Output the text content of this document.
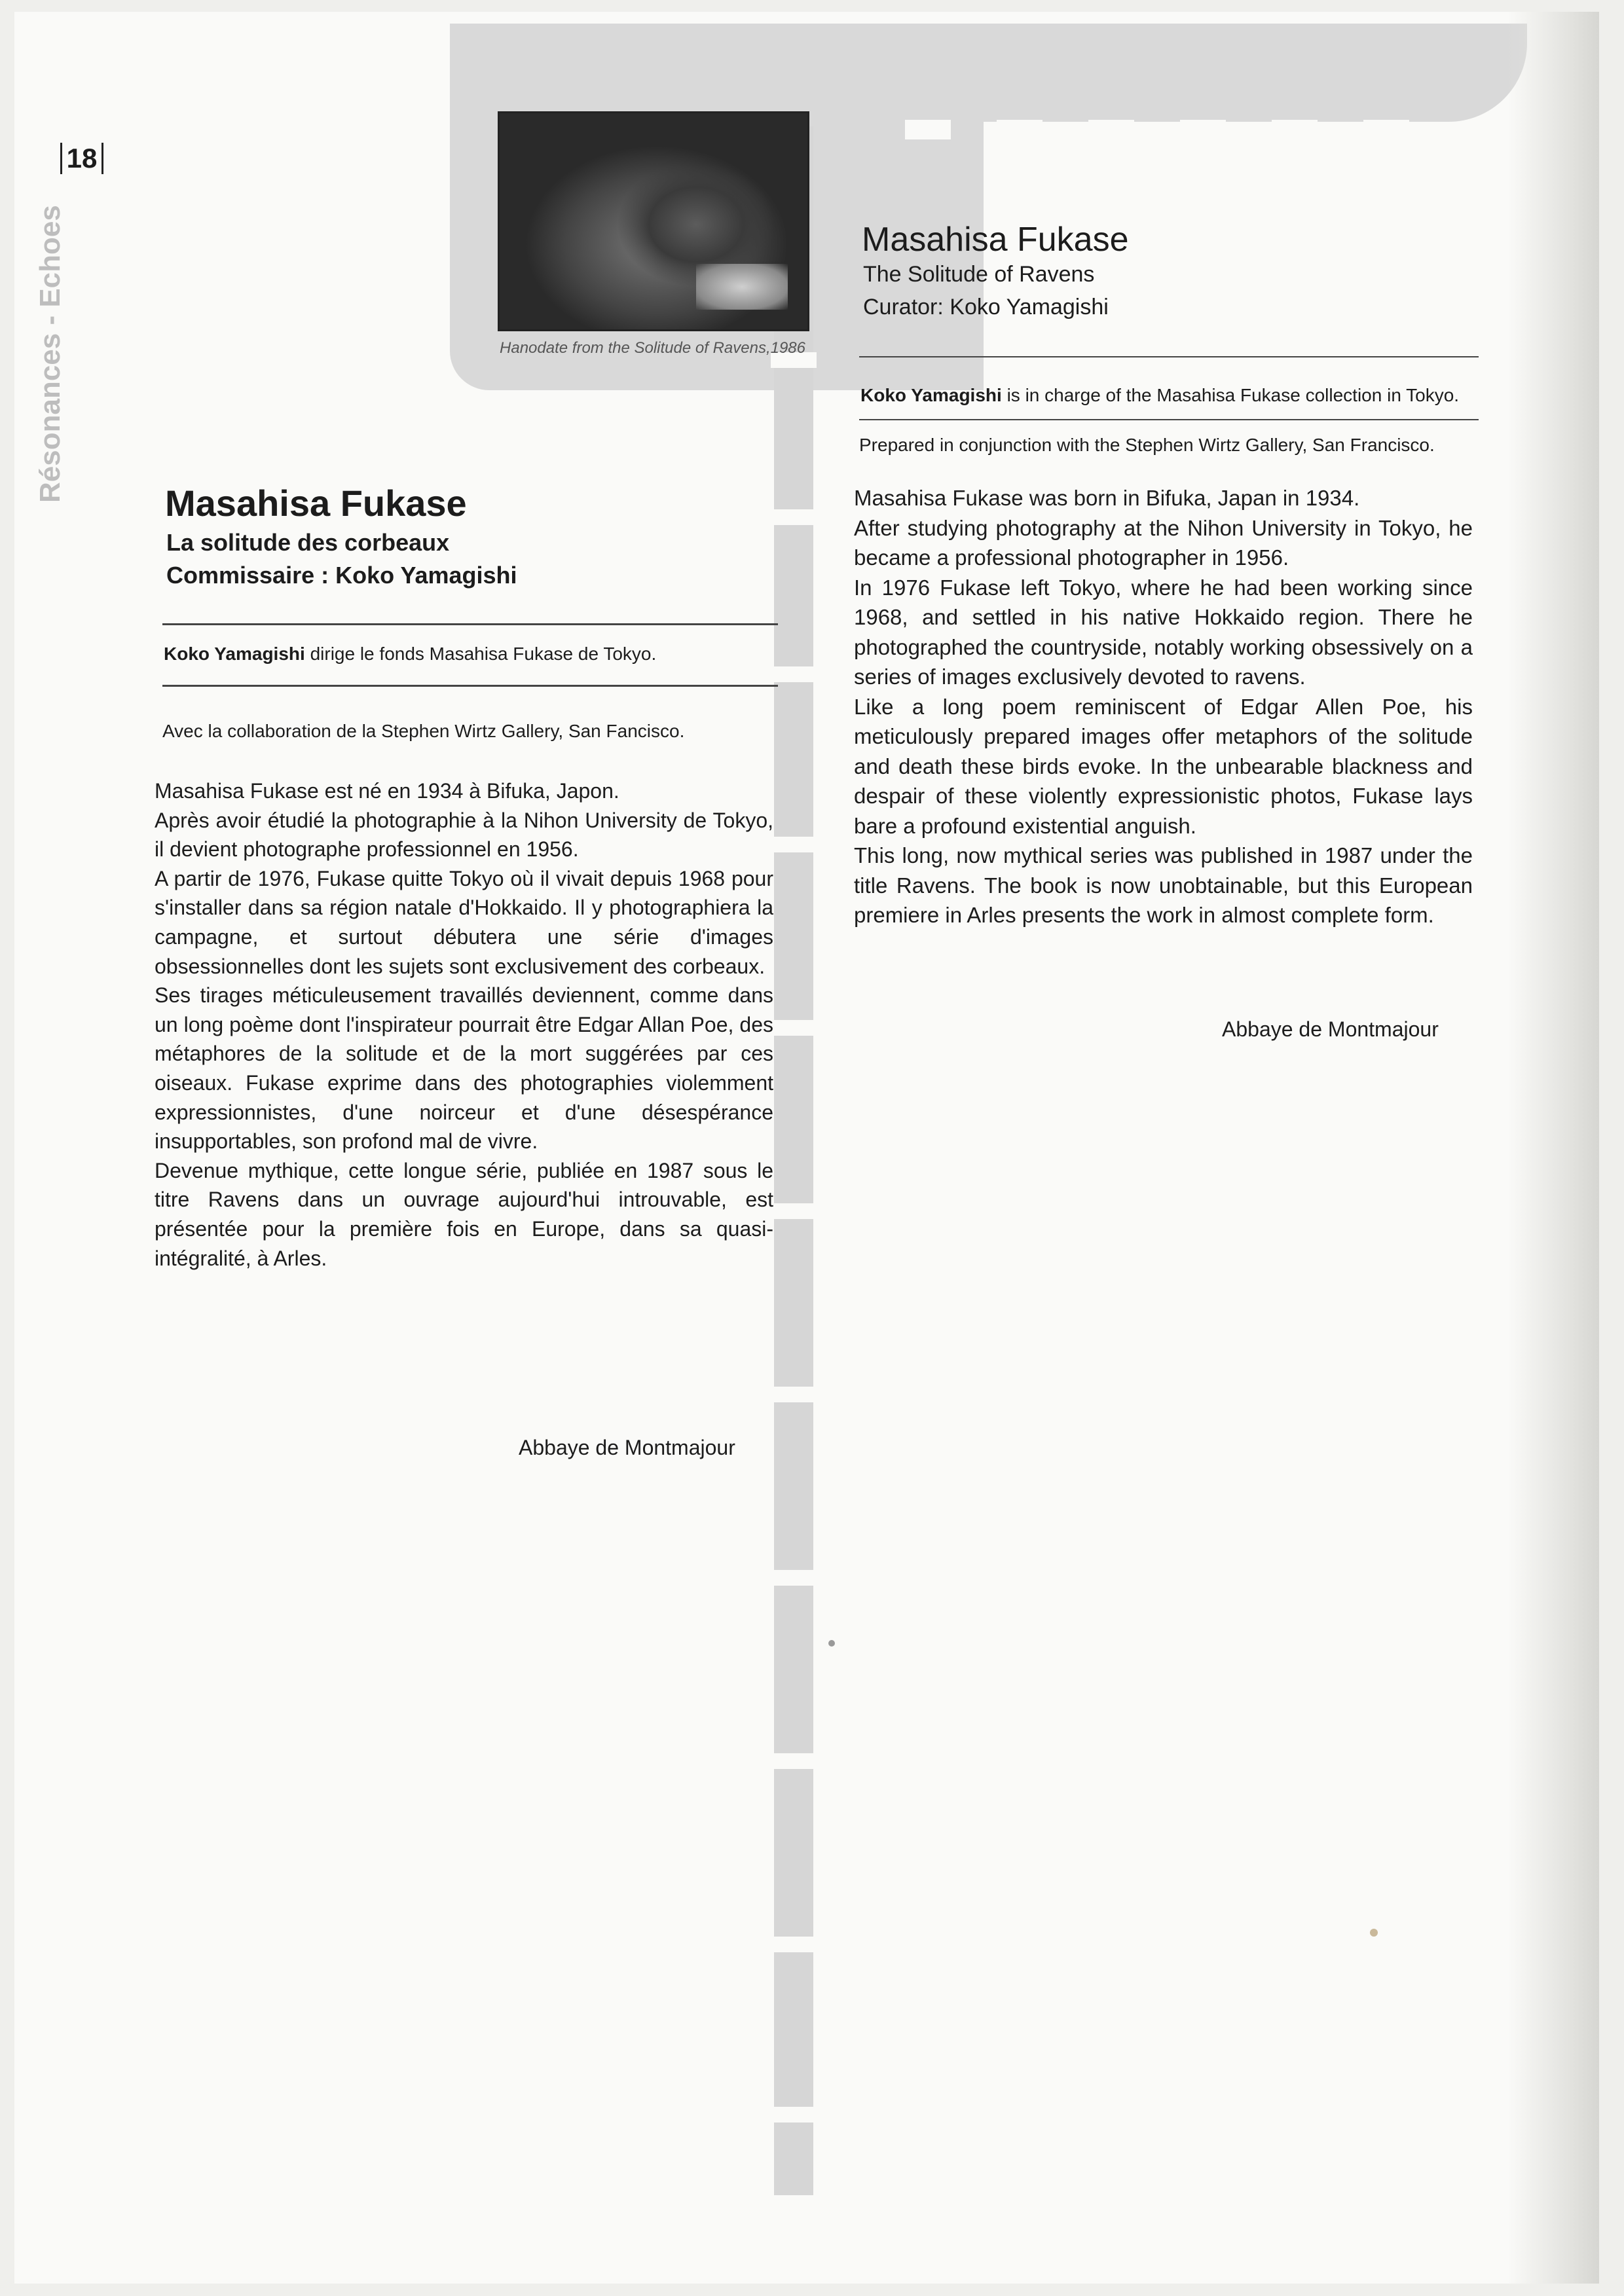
18
Résonances - Echoes	Hanodate from the Solitude of Ravens,1986
Masahisa Fukase
La solitude des corbeaux
Commissaire : Koko Yamagishi
Koko Yamagishi dirige le fonds Masahisa Fukase de Tokyo.
Avec la collaboration de la Stephen Wirtz Gallery, San Fancisco.

Masahisa Fukase est né en 1934 à Bifuka, Japon.

Après avoir étudié la photographie à la Nihon University de Tokyo, il devient photographe professionnel en 1956.

A partir de 1976, Fukase quitte Tokyo où il vivait depuis 1968 pour s'installer dans sa région natale d'Hokkaido. Il y photographiera la campagne, et surtout débutera une série d'images obsessionnelles dont les sujets sont exclusivement des corbeaux.

Ses tirages méticuleusement travaillés deviennent, comme dans un long poème dont l'inspirateur pourrait être Edgar Allan Poe, des métaphores de la solitude et de la mort suggérées par ces oiseaux. Fukase exprime dans des photographies violemment expressionnistes, d'une noirceur et d'une désespérance insupportables, son profond mal de vivre.

Devenue mythique, cette longue série, publiée en 1987 sous le titre Ravens dans un ouvrage aujourd'hui introuvable, est présentée pour la première fois en Europe, dans sa quasi-intégralité, à Arles.

Abbaye de Montmajour
Masahisa Fukase
The Solitude of Ravens
Curator: Koko Yamagishi
Koko Yamagishi is in charge of the Masahisa Fukase collection in Tokyo.
Prepared in conjunction with the Stephen Wirtz Gallery, San Francisco.

Masahisa Fukase was born in Bifuka, Japan in 1934.

After studying photography at the Nihon University in Tokyo, he became a professional photographer in 1956.

In 1976 Fukase left Tokyo, where he had been working since 1968, and settled in his native Hokkaido region. There he photographed the countryside, notably working obsessively on a series of images exclusively devoted to ravens.

Like a long poem reminiscent of Edgar Allen Poe, his meticulously prepared images offer metaphors of the solitude and death these birds evoke. In the unbearable blackness and despair of these violently expressionistic photos, Fukase lays bare a profound existential anguish.

This long, now mythical series was published in 1987 under the title Ravens. The book is now unobtainable, but this European premiere in Arles presents the work in almost complete form.

Abbaye de Montmajour
